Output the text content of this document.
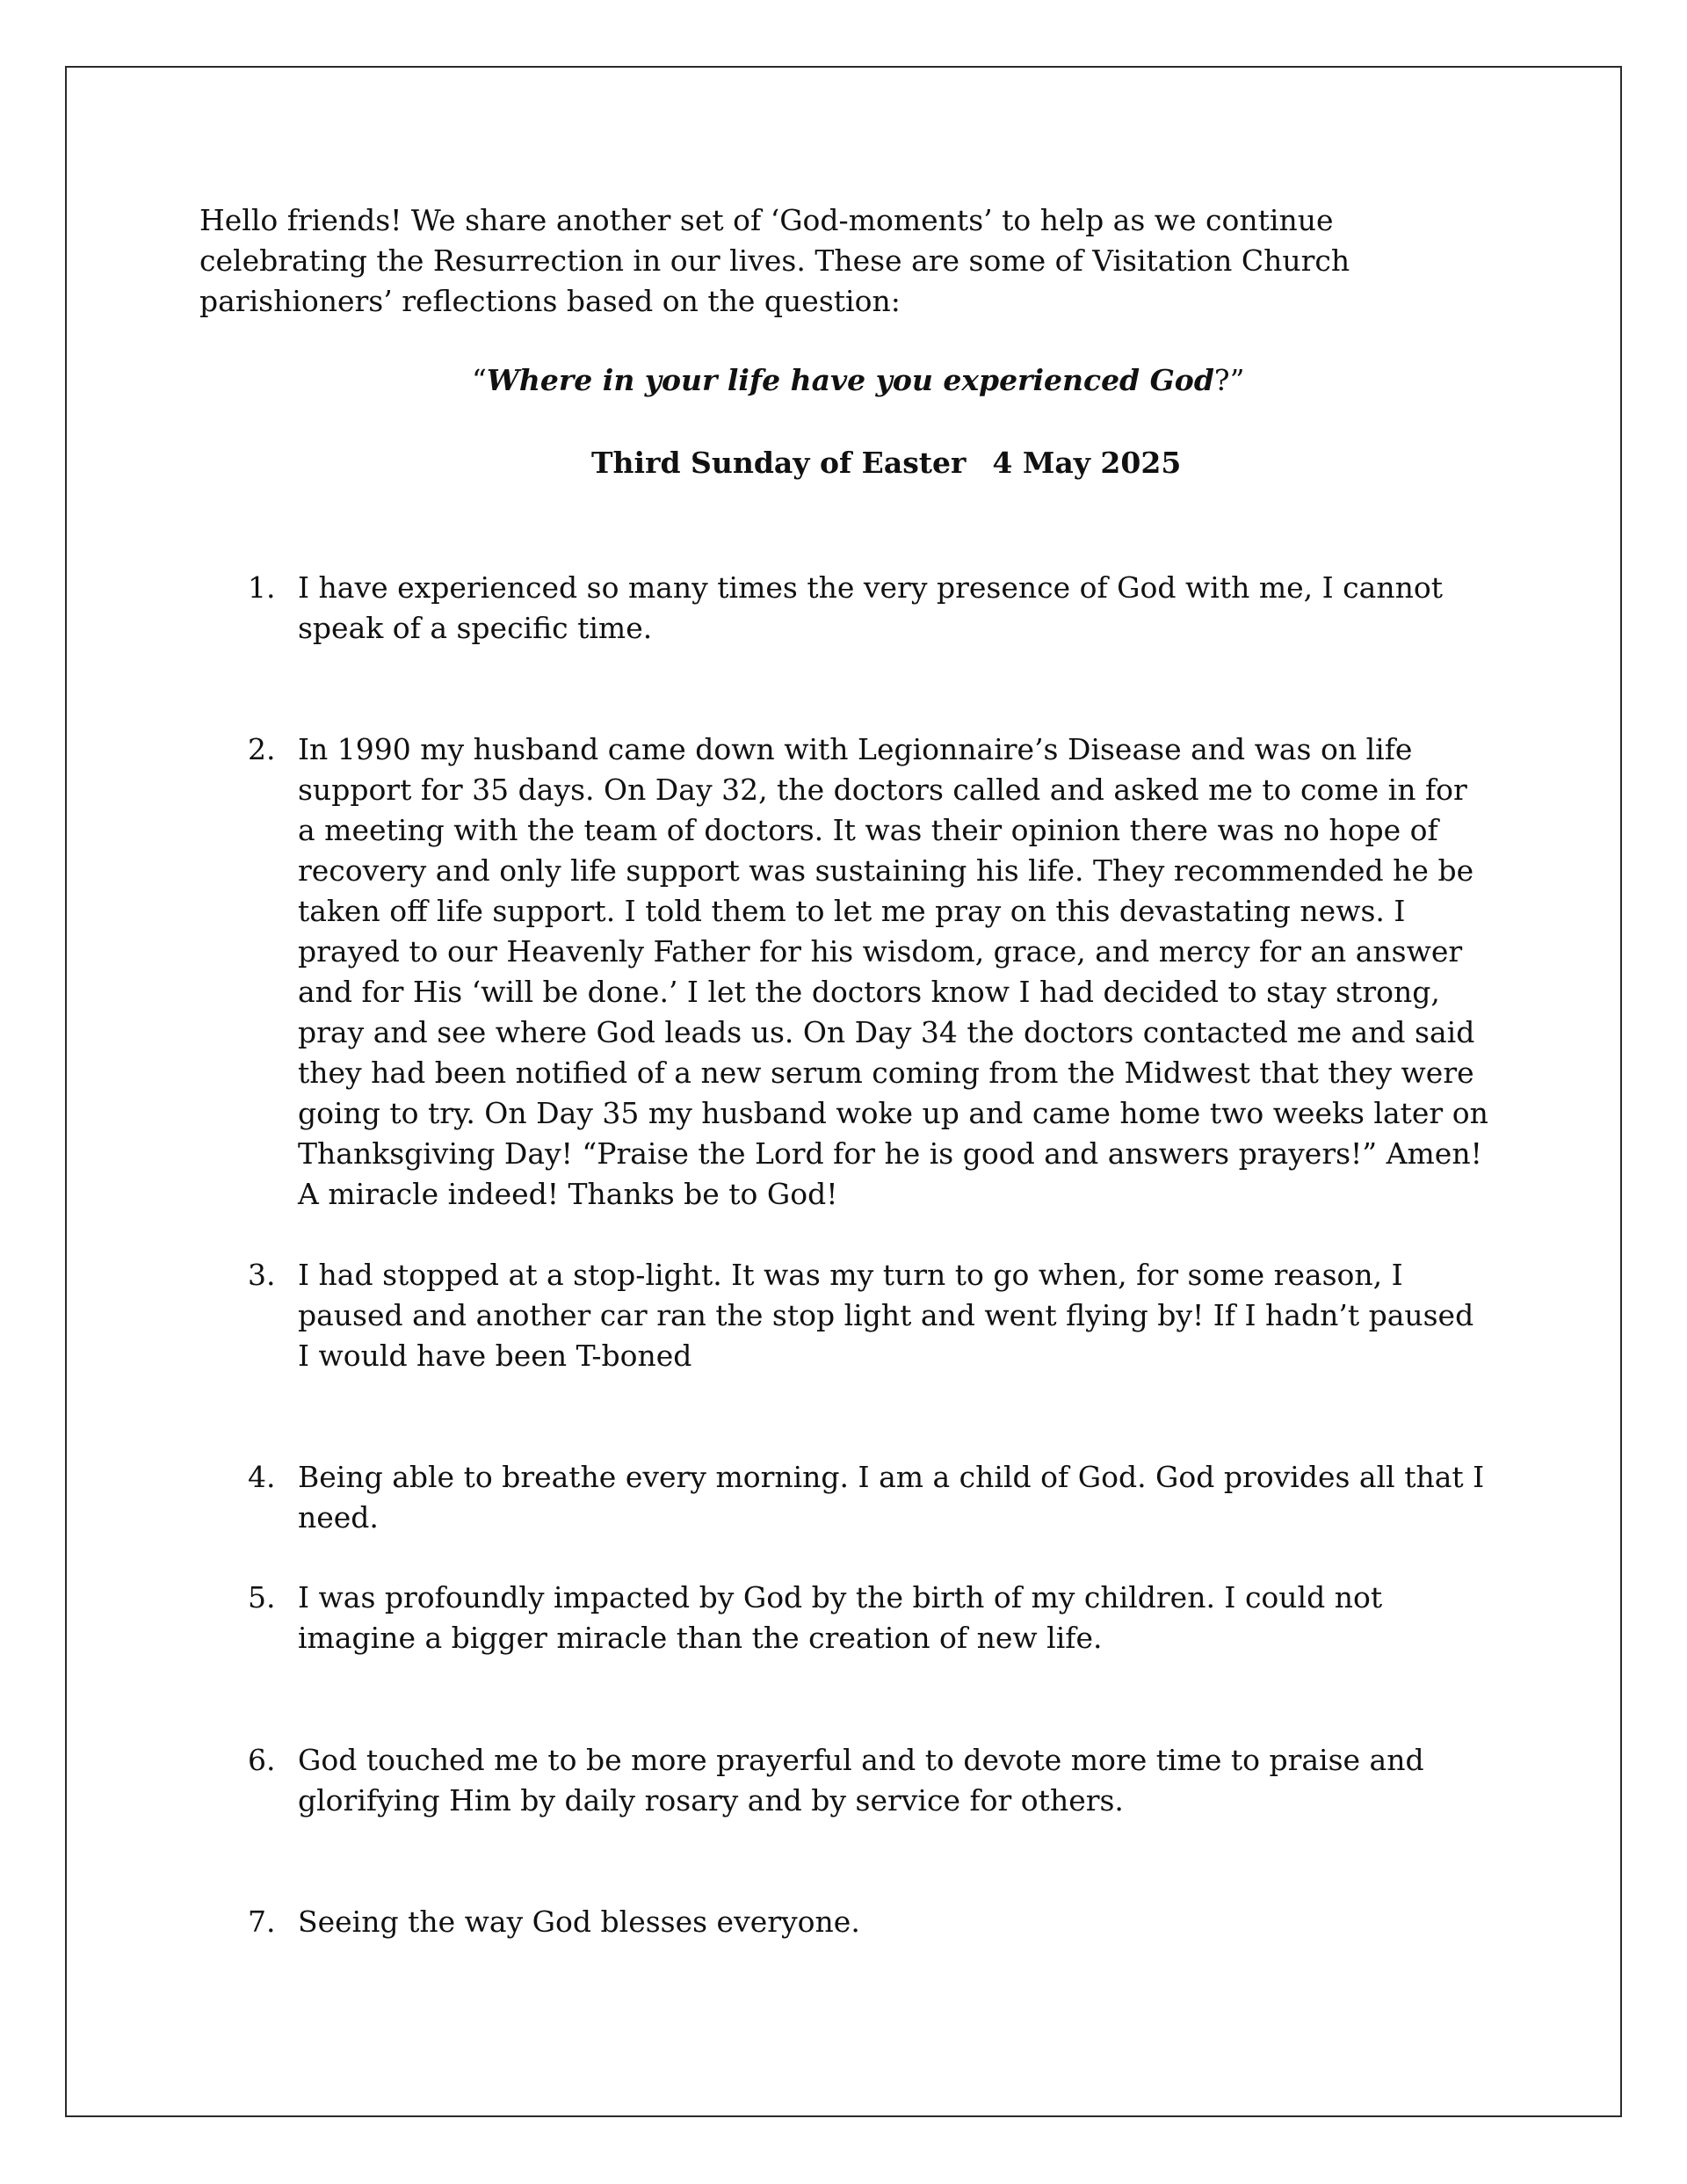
Hello friends! We share another set of ‘God-moments’ to help as we continue celebrating the Resurrection in our lives. These are some of Visitation Church parishioners’ reflections based on the question:

“Where in your life have you experienced God?”

Third Sunday of Easter 4 May 2025

1. I have experienced so many times the very presence of God with me, I cannot speak of a specific time.
2. In 1990 my husband came down with Legionnaire’s Disease and was on life support for 35 days. On Day 32, the doctors called and asked me to come in for a meeting with the team of doctors. It was their opinion there was no hope of recovery and only life support was sustaining his life. They recommended he be taken off life support. I told them to let me pray on this devastating news. I prayed to our Heavenly Father for his wisdom, grace, and mercy for an answer and for His ‘will be done.’ I let the doctors know I had decided to stay strong, pray and see where God leads us. On Day 34 the doctors contacted me and said they had been notified of a new serum coming from the Midwest that they were going to try. On Day 35 my husband woke up and came home two weeks later on Thanksgiving Day! “Praise the Lord for he is good and answers prayers!” Amen! A miracle indeed! Thanks be to God!
3. I had stopped at a stop-light. It was my turn to go when, for some reason, I paused and another car ran the stop light and went flying by! If I hadn’t paused I would have been T-boned
4. Being able to breathe every morning. I am a child of God. God provides all that I need.
5. I was profoundly impacted by God by the birth of my children. I could not imagine a bigger miracle than the creation of new life.
6. God touched me to be more prayerful and to devote more time to praise and glorifying Him by daily rosary and by service for others.
7. Seeing the way God blesses everyone.
